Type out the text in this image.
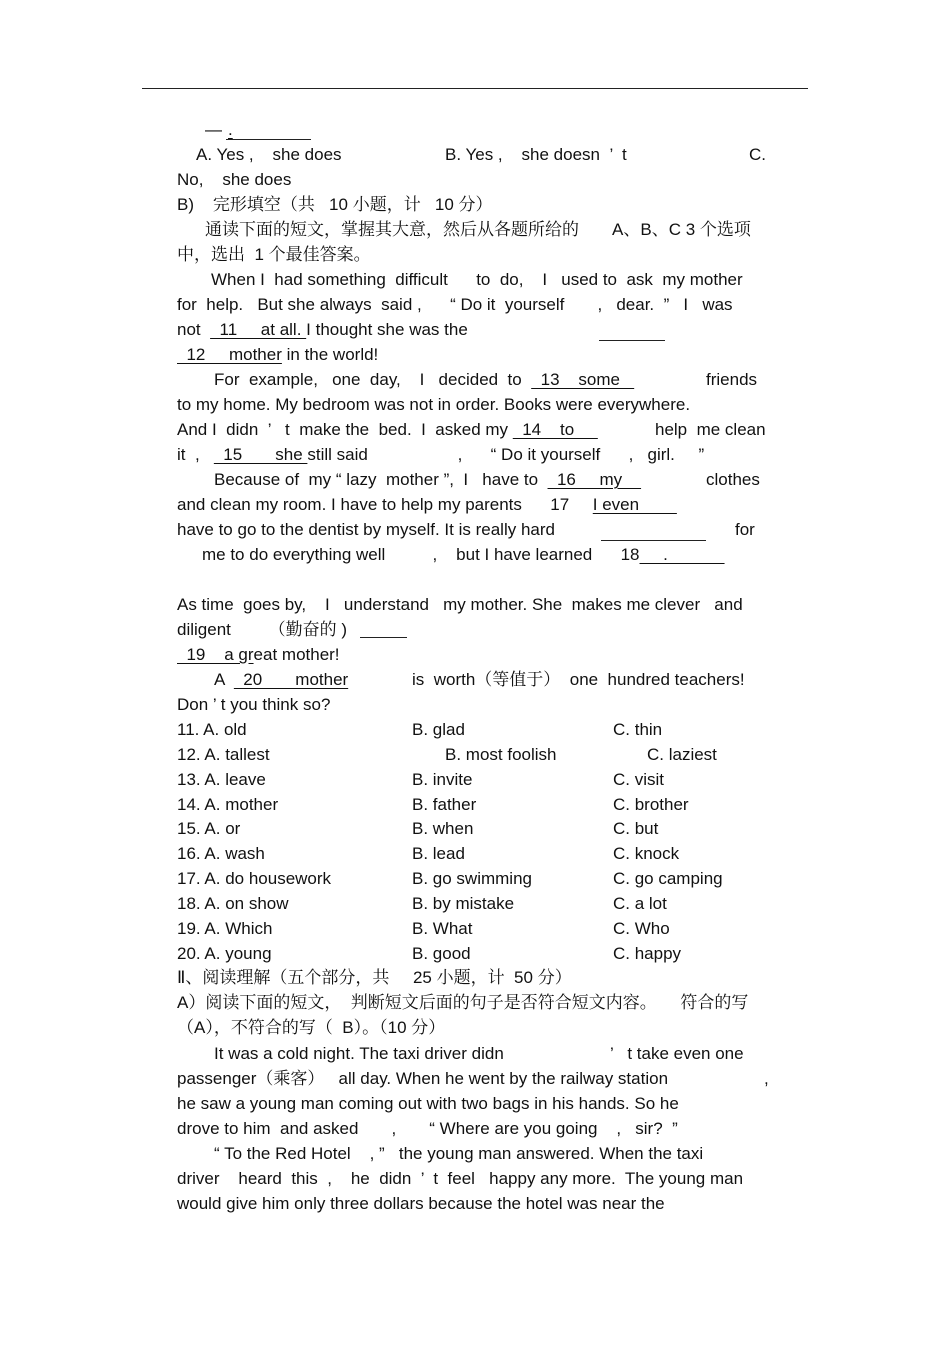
— .
A. Yes ,    she does	B. Yes ,    she doesn  ’  t	C.
No,    she does
B)    完形填空（共   10 小题，计   10 分）
通读下面的短文，掌握其大意，然后从各题所给的       A、B、C 3 个选项
中，选出  1 个最佳答案。
When I  had something  difficult      to  do,    I   used to  ask  my mother
for  help.   But she always  said ,      “ Do it  yourself       ,   dear.  ”   I   was
not    11     at all. I thought she was the
12     mother in the world!
For  example,   one  day,    I   decided  to    13    some	friends
to my home. My bedroom was not in order. Books were everywhere.
And I  didn  ’   t  make the  bed.  I  asked my   14    to	help  me clean
it  ,     15       she still said                   ,      “ Do it yourself      ,   girl.     ”
Because of  my “ lazy  mother ”,  I   have to    16     my	clothes
and clean my room. I have to help my parents      17     I even
have to go to the dentist by myself. It is really hard	for
me to do everything well          ,    but I have learned      18     .
As time  goes by,    I   understand   my mother. She  makes me clever   and
diligent        （勤奋的 )
19    a great mother!
A    20       mother	is  worth（等值于）  one  hundred teachers!
Don ’ t you think so?
11. A. old	B. glad	C. thin
12. A. tallest	B. most foolish	C. laziest
13. A. leave	B. invite	C. visit
14. A. mother	B. father	C. brother
15. A. or	B. when	C. but
16. A. wash	B. lead	C. knock
17. A. do housework	B. go swimming	C. go camping
18. A. on show	B. by mistake	C. a lot
19. A. Which	B. What	C. Who
20. A. young	B. good	C. happy
Ⅱ、阅读理解（五个部分，共     25 小题，计  50 分）
A）阅读下面的短文，  判断短文后面的句子是否符合短文内容。     符合的写
（A），不符合的写（  B）。（10 分）
It was a cold night. The taxi driver didn	’   t take even one
passenger（乘客）   all day. When he went by the railway station	,
he saw a young man coming out with two bags in his hands. So he
drove to him  and asked       ,       “ Where are you going    ,   sir?  ”
“ To the Red Hotel    , ”   the young man answered. When the taxi
driver    heard  this  ,    he  didn  ’  t  feel   happy any more.  The young man
would give him only three dollars because the hotel was near the
